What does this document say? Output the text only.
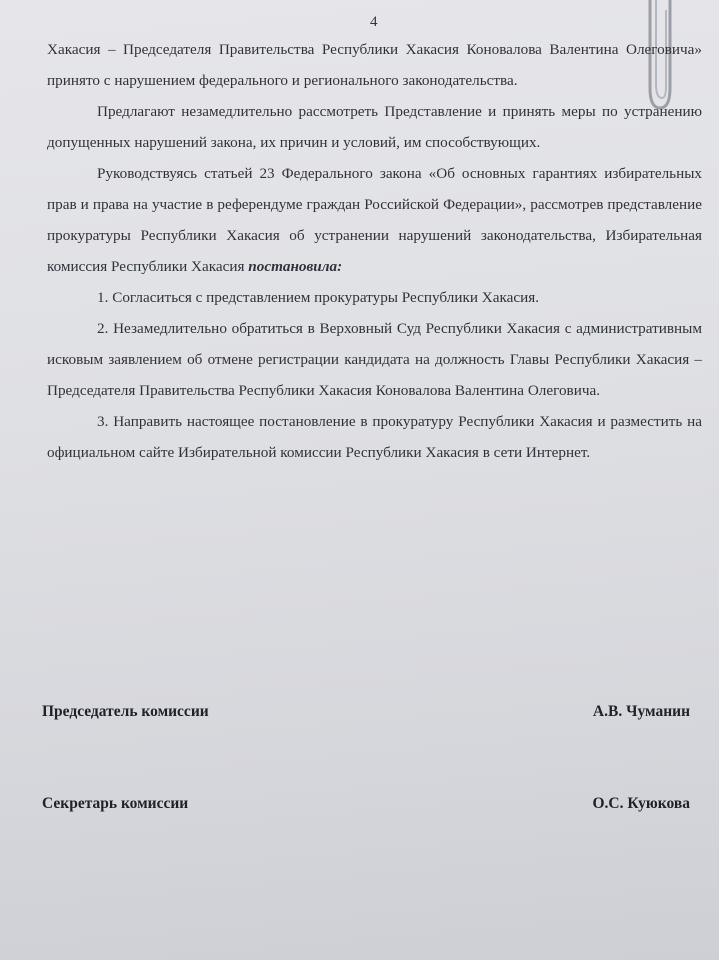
4

Хакасия – Председателя Правительства Республики Хакасия Коновалова Валентина Олеговича» принято с нарушением федерального и регионального законодательства.

Предлагают незамедлительно рассмотреть Представление и принять меры по устранению допущенных нарушений закона, их причин и условий, им способствующих.

Руководствуясь статьей 23 Федерального закона «Об основных гарантиях избирательных прав и права на участие в референдуме граждан Российской Федерации», рассмотрев представление прокуратуры Республики Хакасия об устранении нарушений законодательства, Избирательная комиссия Республики Хакасия постановила:

1. Согласиться с представлением прокуратуры Республики Хакасия.

2. Незамедлительно обратиться в Верховный Суд Республики Хакасия с административным исковым заявлением об отмене регистрации кандидата на должность Главы Республики Хакасия – Председателя Правительства Республики Хакасия Коновалова Валентина Олеговича.

3. Направить настоящее постановление в прокуратуру Республики Хакасия и разместить на официальном сайте Избирательной комиссии Республики Хакасия в сети Интернет.

Председатель комиссии	А.В. Чуманин
Секретарь комиссии	О.С. Куюкова
